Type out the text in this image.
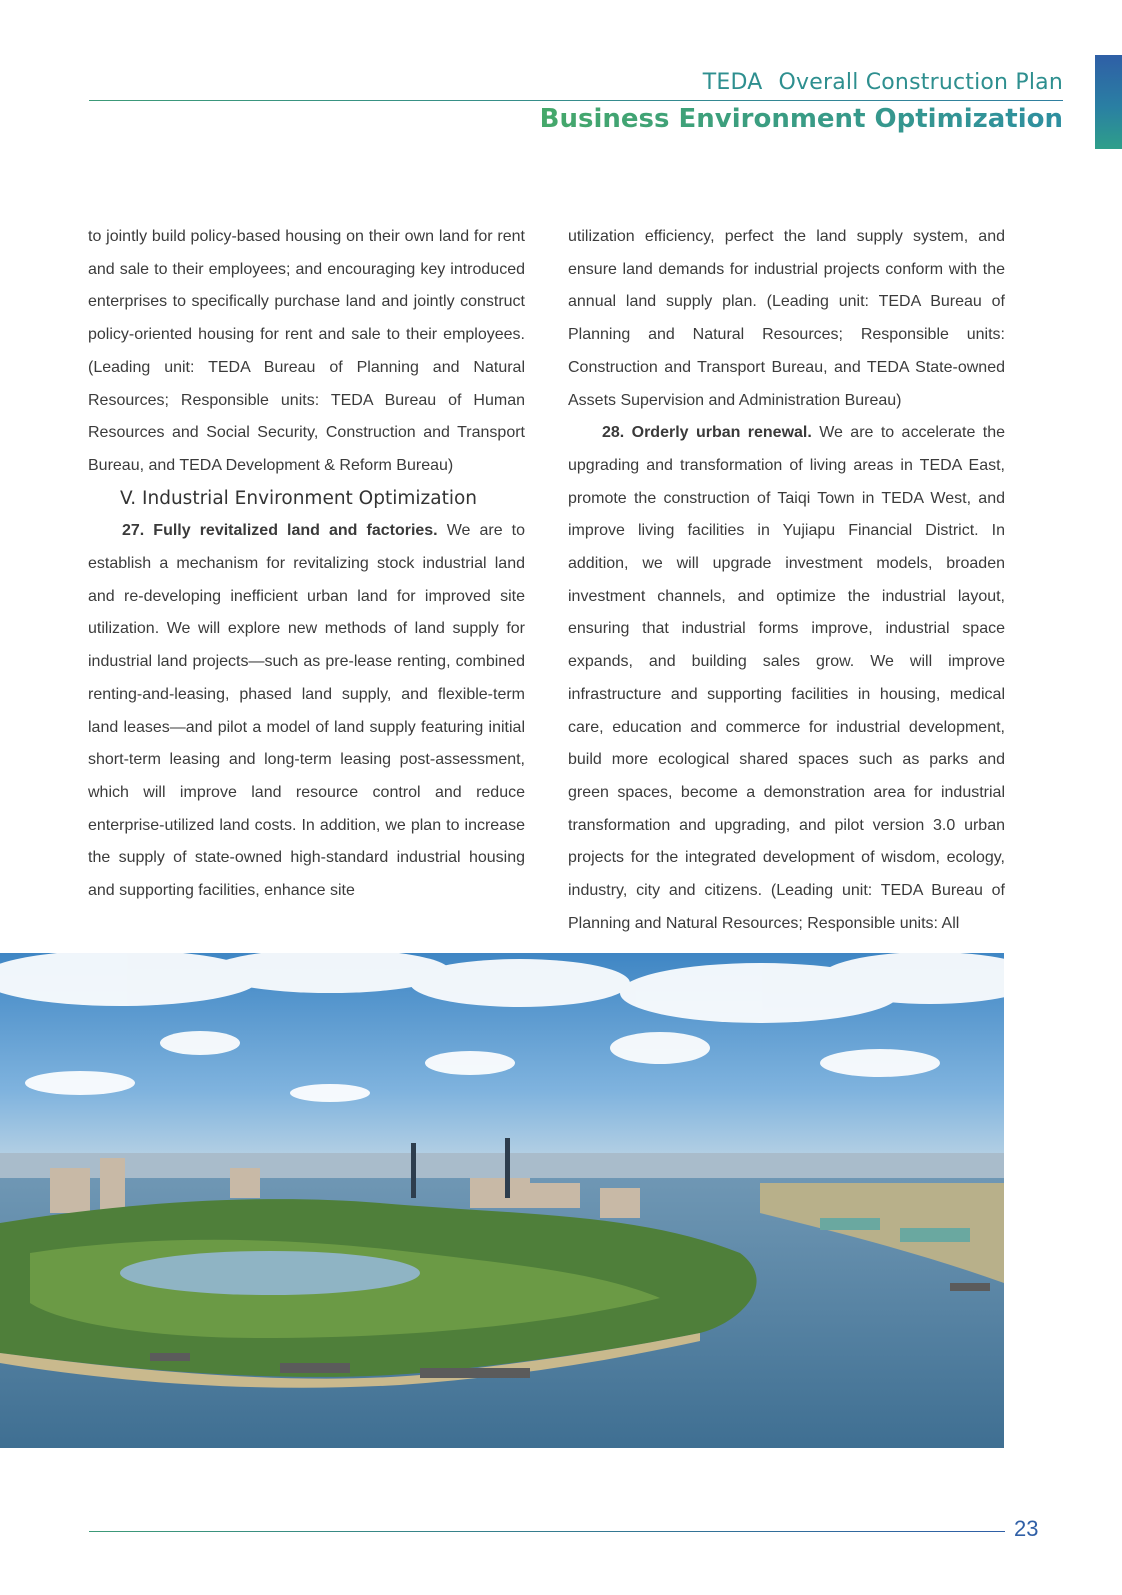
TEDA Overall Construction Plan
Business Environment Optimization

to jointly build policy-based housing on their own land for rent and sale to their employees; and encouraging key introduced enterprises to specifically purchase land and jointly construct policy-oriented housing for rent and sale to their employees. (Leading unit: TEDA Bureau of Planning and Natural Resources; Responsible units: TEDA Bureau of Human Resources and Social Security, Construction and Transport Bureau, and TEDA Development & Reform Bureau)

V. Industrial Environment Optimization

27. Fully revitalized land and factories. We are to establish a mechanism for revitalizing stock industrial land and re-developing inefficient urban land for improved site utilization. We will explore new methods of land supply for industrial land projects—such as pre-lease renting, combined renting-and-leasing, phased land supply, and flexible-term land leases—and pilot a model of land supply featuring initial short-term leasing and long-term leasing post-assessment, which will improve land resource control and reduce enterprise-utilized land costs. In addition, we plan to increase the supply of state-owned high-standard industrial housing and supporting facilities, enhance site

utilization efficiency, perfect the land supply system, and ensure land demands for industrial projects conform with the annual land supply plan. (Leading unit: TEDA Bureau of Planning and Natural Resources; Responsible units: Construction and Transport Bureau, and TEDA State-owned Assets Supervision and Administration Bureau)

28. Orderly urban renewal. We are to accelerate the upgrading and transformation of living areas in TEDA East, promote the construction of Taiqi Town in TEDA West, and improve living facilities in Yujiapu Financial District. In addition, we will upgrade investment models, broaden investment channels, and optimize the industrial layout, ensuring that industrial forms improve, industrial space expands, and building sales grow. We will improve infrastructure and supporting facilities in housing, medical care, education and commerce for industrial development, build more ecological shared spaces such as parks and green spaces, become a demonstration area for industrial transformation and upgrading, and pilot version 3.0 urban projects for the integrated development of wisdom, ecology, industry, city and citizens. (Leading unit: TEDA Bureau of Planning and Natural Resources; Responsible units: All

23
